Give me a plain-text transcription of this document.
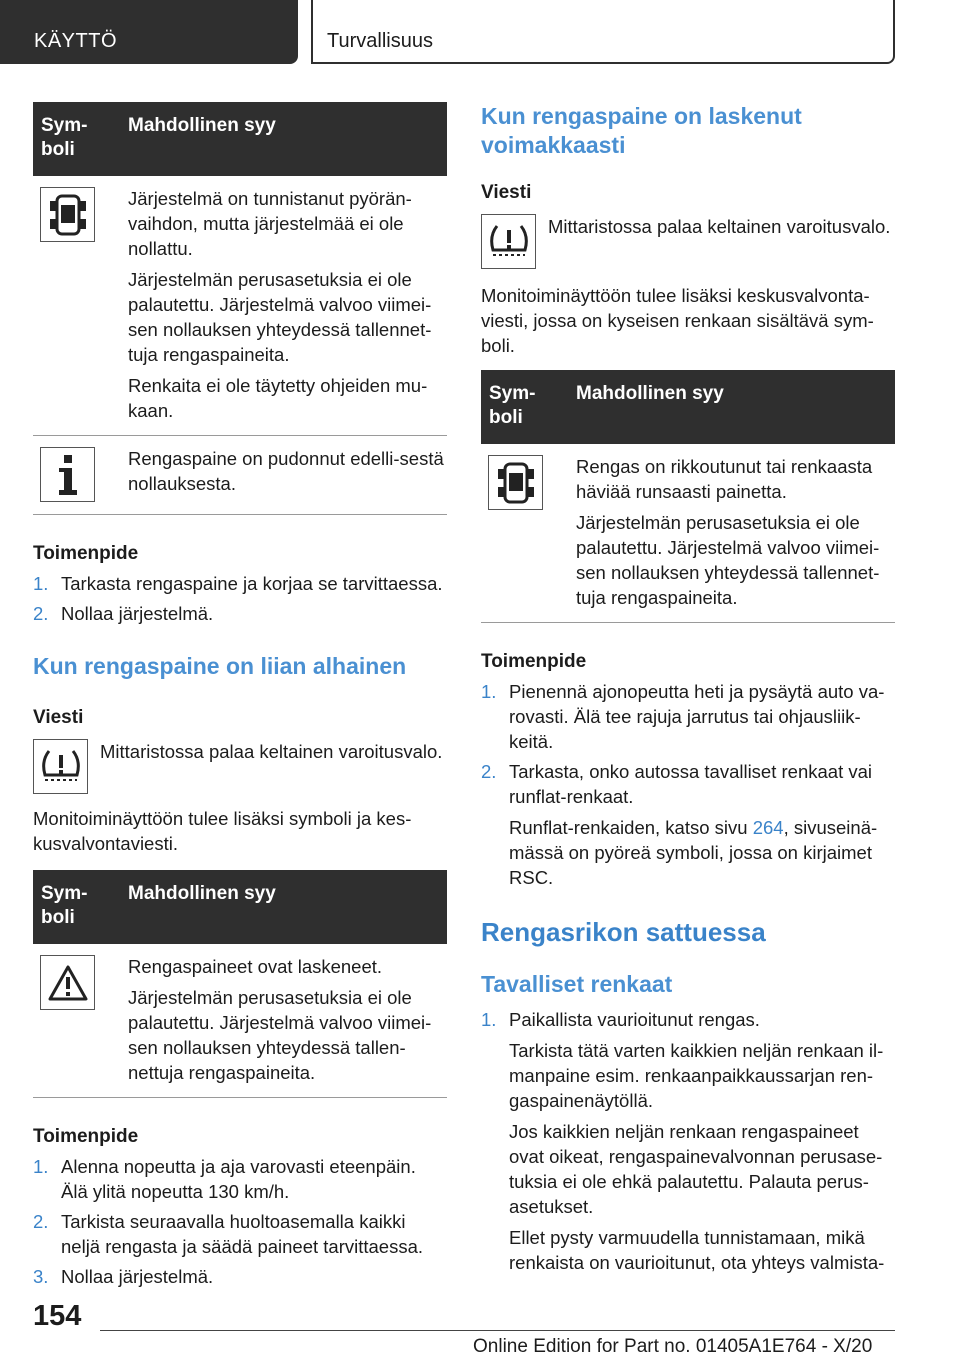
KÄYTTÖ	Turvallisuus
Sym-
boli
Mahdollinen syy

Järjestelmä on tunnistanut pyörän-vaihdon, mutta järjestelmää ei ole nollattu.

Järjestelmän perusasetuksia ei ole palautettu. Järjestelmä valvoo viimei-sen nollauksen yhteydessä tallennet-tuja rengaspaineita.

Renkaita ei ole täytetty ohjeiden mu-kaan.

Rengaspaine on pudonnut edelli-sestä nollauksesta.

Toimenpide
1. Tarkasta rengaspaine ja korjaa se tarvittaessa.

2. Nollaa järjestelmä.

Kun rengaspaine on liian alhainen
Viesti
Mittaristossa palaa keltainen varoitusvalo.
Monitoiminäyttöön tulee lisäksi symboli ja kes-kusvalvontaviesti.
Sym-
boli
Mahdollinen syy

Rengaspaineet ovat laskeneet.

Järjestelmän perusasetuksia ei ole palautettu. Järjestelmä valvoo viimei-sen nollauksen yhteydessä tallen-nettuja rengaspaineita.

Toimenpide
1. Alenna nopeutta ja aja varovasti eteenpäin. Älä ylitä nopeutta 130 km/h.

2. Tarkista seuraavalla huoltoasemalla kaikki neljä rengasta ja säädä paineet tarvittaessa.

3. Nollaa järjestelmä.

Kun rengaspaine on laskenut voimakkaasti
Viesti
Mittaristossa palaa keltainen varoitusvalo.
Monitoiminäyttöön tulee lisäksi keskusvalvonta-viesti, jossa on kyseisen renkaan sisältävä sym-boli.
Sym-
boli
Mahdollinen syy

Rengas on rikkoutunut tai renkaasta häviää runsaasti painetta.

Järjestelmän perusasetuksia ei ole palautettu. Järjestelmä valvoo viimei-sen nollauksen yhteydessä tallennet-tuja rengaspaineita.

Toimenpide
1. Pienennä ajonopeutta heti ja pysäytä auto va-rovasti. Älä tee rajuja jarrutus tai ohjausliik-keitä.

2. Tarkasta, onko autossa tavalliset renkaat vai runflat-renkaat.

Runflat-renkaiden, katso sivu 264, sivuseinä-mässä on pyöreä symboli, jossa on kirjaimet RSC.

Rengasrikon sattuessa
Tavalliset renkaat
1. Paikallista vaurioitunut rengas.

Tarkista tätä varten kaikkien neljän renkaan il-manpaine esim. renkaanpaikkaussarjan ren-gaspainenäytöllä.

Jos kaikkien neljän renkaan rengaspaineet ovat oikeat, rengaspainevalvonnan perusase-tuksia ei ole ehkä palautettu. Palauta perus-asetukset.

Ellet pysty varmuudella tunnistamaan, mikä renkaista on vaurioitunut, ota yhteys valmista-

154
Online Edition for Part no. 01405A1E764 - X/20
